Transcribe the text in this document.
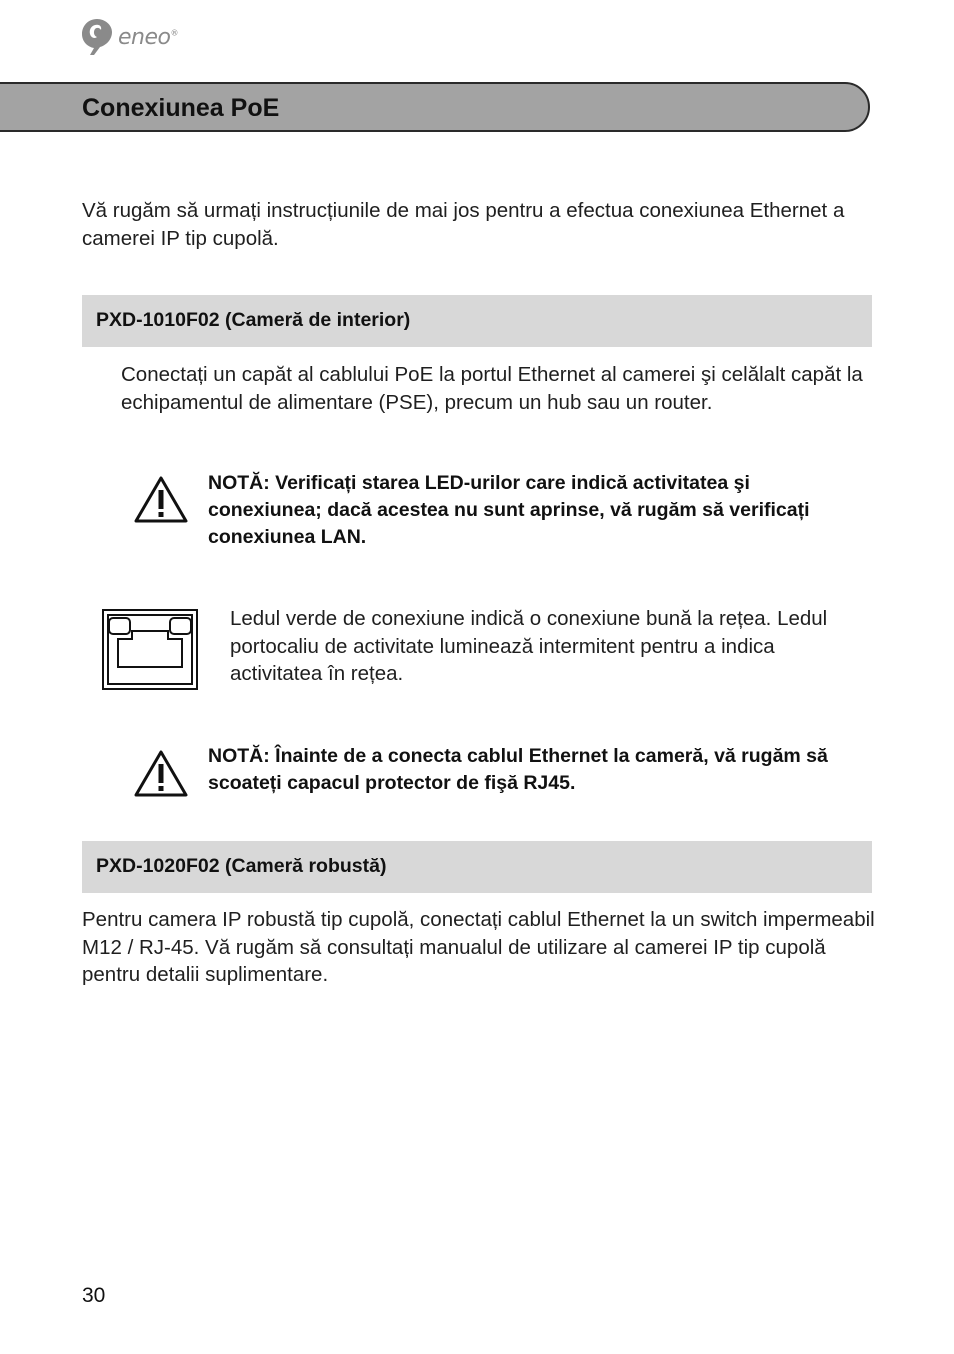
eneo®
Conexiunea PoE

Vă rugăm să urmați instrucțiunile de mai jos pentru a efectua conexiunea Ethernet a camerei IP tip cupolă.

PXD-1010F02 (Cameră de interior)

Conectați un capăt al cablului PoE la portul Ethernet al camerei şi celălalt capăt la echipamentul de alimentare (PSE), precum un hub sau un router.

NOTĂ: Verificați starea LED-urilor care indică activitatea şi conexiunea; dacă acestea nu sunt aprinse, vă rugăm să verificați conexiunea LAN.

Ledul verde de conexiune indică o conexiune bună la rețea. Ledul portocaliu de activitate luminează intermitent pentru a indica activitatea în rețea.

NOTĂ: Înainte de a conecta cablul Ethernet la cameră, vă rugăm să scoateți capacul protector de fişă RJ45.

PXD-1020F02 (Cameră robustă)

Pentru camera IP robustă tip cupolă, conectați cablul Ethernet la un switch impermeabil M12 / RJ-45. Vă rugăm să consultați manualul de utilizare al camerei IP tip cupolă pentru detalii suplimentare.

30
